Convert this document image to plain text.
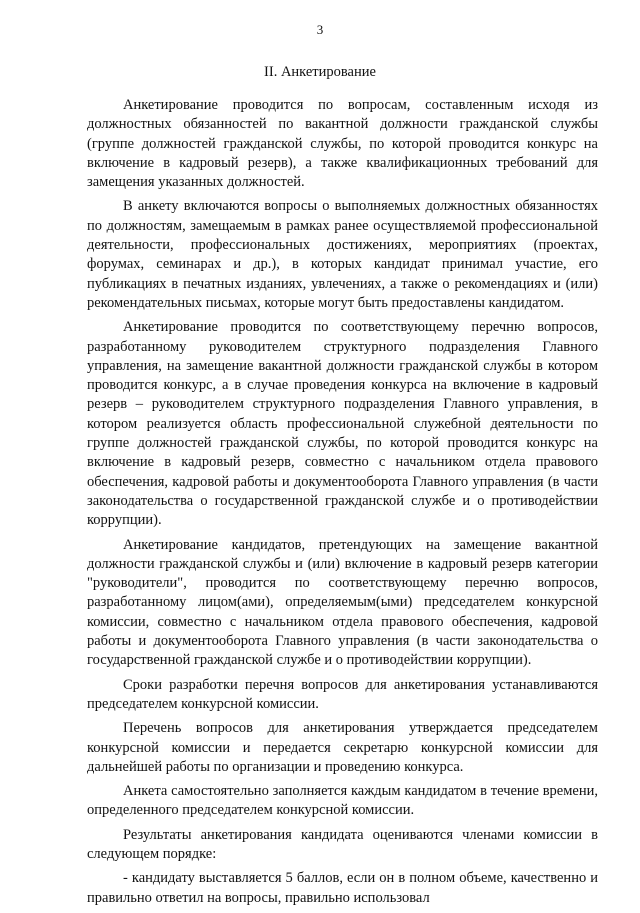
3
II. Анкетирование

Анкетирование проводится по вопросам, составленным исходя из должностных обязанностей по вакантной должности гражданской службы (группе должностей гражданской службы, по которой проводится конкурс на включение в кадровый резерв), а также квалификационных требований для замещения указанных должностей.

В анкету включаются вопросы о выполняемых должностных обязанностях по должностям, замещаемым в рамках ранее осуществляемой профессиональной деятельности, профессиональных достижениях, мероприятиях (проектах, форумах, семинарах и др.), в которых кандидат принимал участие, его публикациях в печатных изданиях, увлечениях, а также о рекомендациях и (или) рекомендательных письмах, которые могут быть предоставлены кандидатом.

Анкетирование проводится по соответствующему перечню вопросов, разработанному руководителем структурного подразделения Главного управления, на замещение вакантной должности гражданской службы в котором проводится конкурс, а в случае проведения конкурса на включение в кадровый резерв – руководителем структурного подразделения Главного управления, в котором реализуется область профессиональной служебной деятельности по группе должностей гражданской службы, по которой проводится конкурс на включение в кадровый резерв, совместно с начальником отдела правового обеспечения, кадровой работы и документооборота Главного управления (в части законодательства о государственной гражданской службе и о противодействии коррупции).

Анкетирование кандидатов, претендующих на замещение вакантной должности гражданской службы и (или) включение в кадровый резерв категории "руководители", проводится по соответствующему перечню вопросов, разработанному лицом(ами), определяемым(ыми) председателем конкурсной комиссии, совместно с начальником отдела правового обеспечения, кадровой работы и документооборота Главного управления (в части законодательства о государственной гражданской службе и о противодействии коррупции).

Сроки разработки перечня вопросов для анкетирования устанавливаются председателем конкурсной комиссии.

Перечень вопросов для анкетирования утверждается председателем конкурсной комиссии и передается секретарю конкурсной комиссии для дальнейшей работы по организации и проведению конкурса.

Анкета самостоятельно заполняется каждым кандидатом в течение времени, определенного председателем конкурсной комиссии.

Результаты анкетирования кандидата оцениваются членами комиссии в следующем порядке:

- кандидату выставляется 5 баллов, если он в полном объеме, качественно и правильно ответил на вопросы, правильно использовал
